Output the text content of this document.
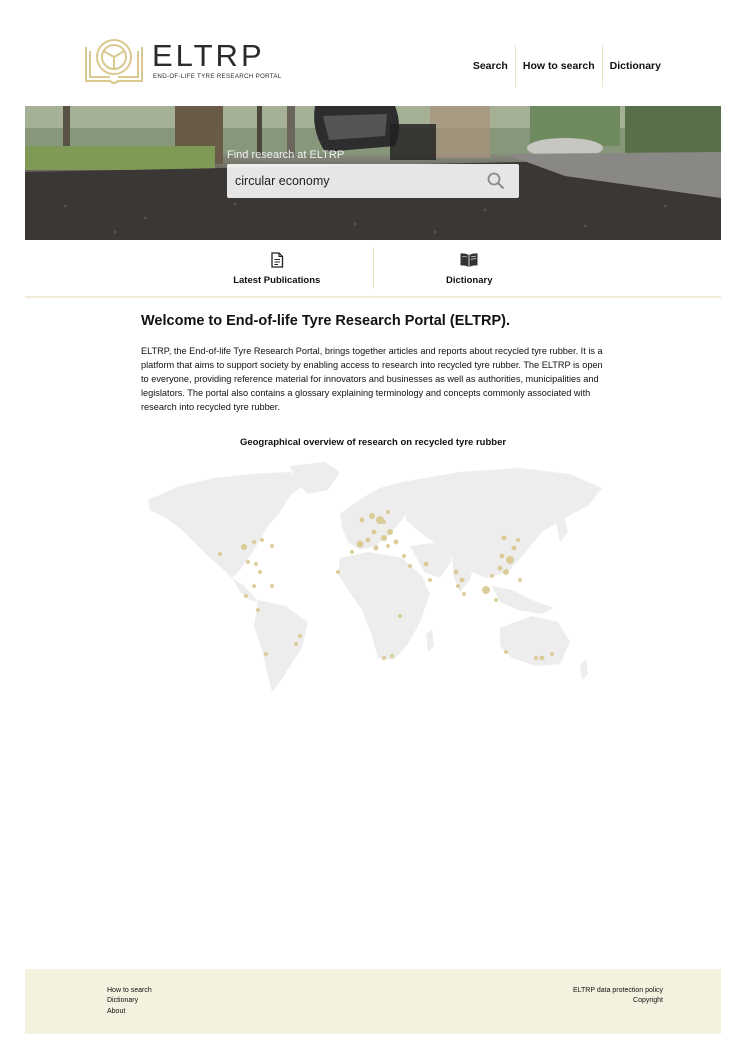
ELTRP
END-OF-LIFE TYRE RESEARCH PORTAL
Search	How to search	Dictionary
Find research at ELTRP
circular economy
Latest Publications	Dictionary
Welcome to End-of-life Tyre Research Portal (ELTRP).

ELTRP, the End-of-life Tyre Research Portal, brings together articles and reports about recycled tyre rubber. It is a platform that aims to support society by enabling access to research into recycled tyre rubber. The ELTRP is open to everyone, providing reference material for innovators and businesses as well as authorities, municipalities and legislators. The portal also contains a glossary explaining terminology and concepts commonly associated with research into recycled tyre rubber.

Geographical overview of research on recycled tyre rubber
How to search
Dictionary
About
ELTRP data protection policy
Copyright
